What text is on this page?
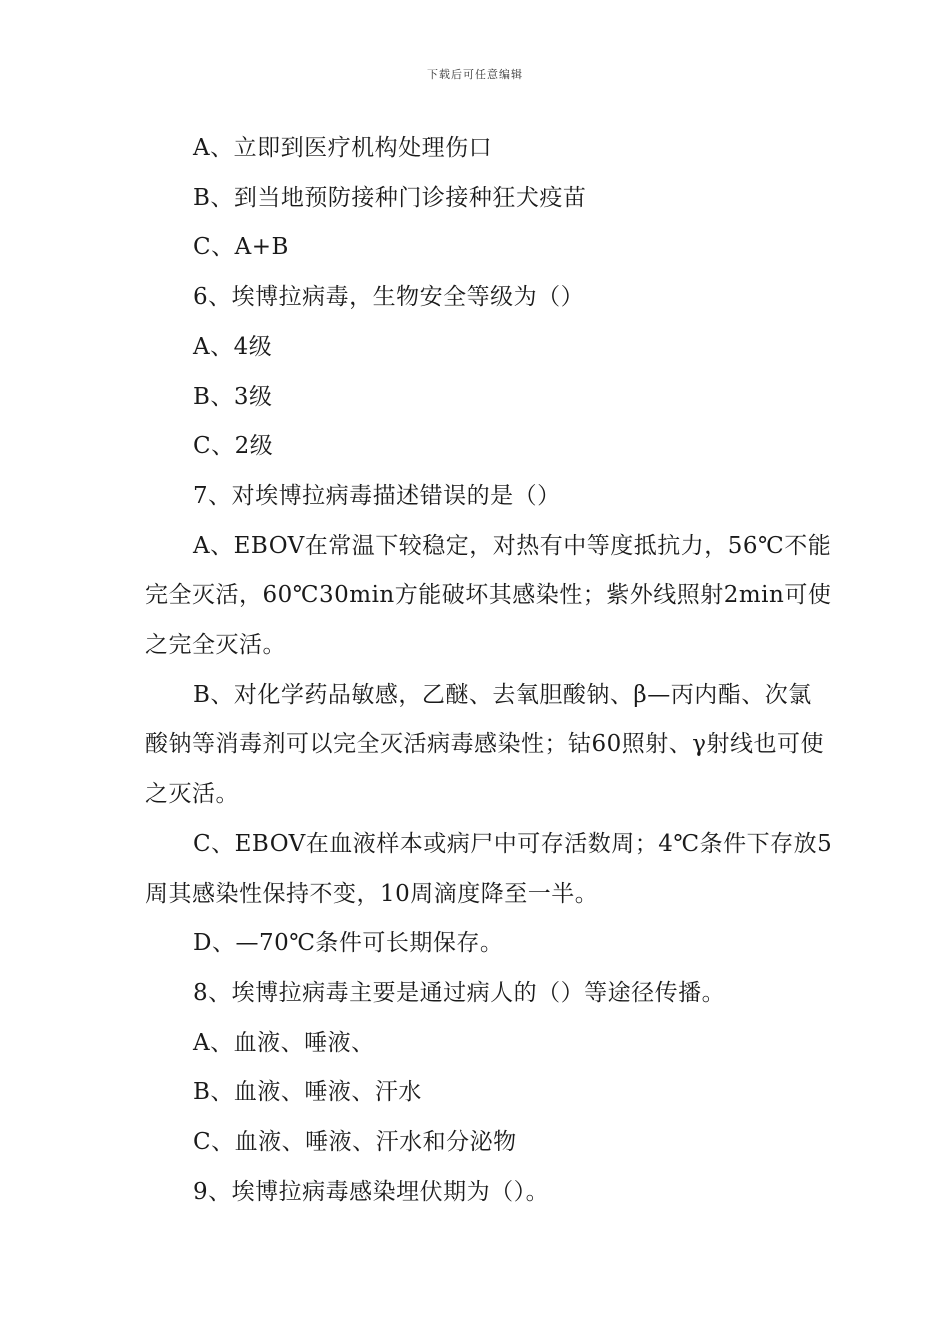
下载后可任意编辑

A、立即到医疗机构处理伤口

B、到当地预防接种门诊接种狂犬疫苗

C、A+B

6、埃博拉病毒，生物安全等级为（）

A、4级

B、3级

C、2级

7、对埃博拉病毒描述错误的是（）

A、EBOV在常温下较稳定，对热有中等度抵抗力，56℃不能完全灭活，60℃30min方能破坏其感染性；紫外线照射2min可使之完全灭活。

B、对化学药品敏感，乙醚、去氧胆酸钠、β—丙内酯、次氯酸钠等消毒剂可以完全灭活病毒感染性；钴60照射、γ射线也可使之灭活。

C、EBOV在血液样本或病尸中可存活数周；4℃条件下存放5周其感染性保持不变，10周滴度降至一半。

D、—70℃条件可长期保存。

8、埃博拉病毒主要是通过病人的（）等途径传播。

A、血液、唾液、

B、血液、唾液、汗水

C、血液、唾液、汗水和分泌物

9、埃博拉病毒感染埋伏期为（）。
